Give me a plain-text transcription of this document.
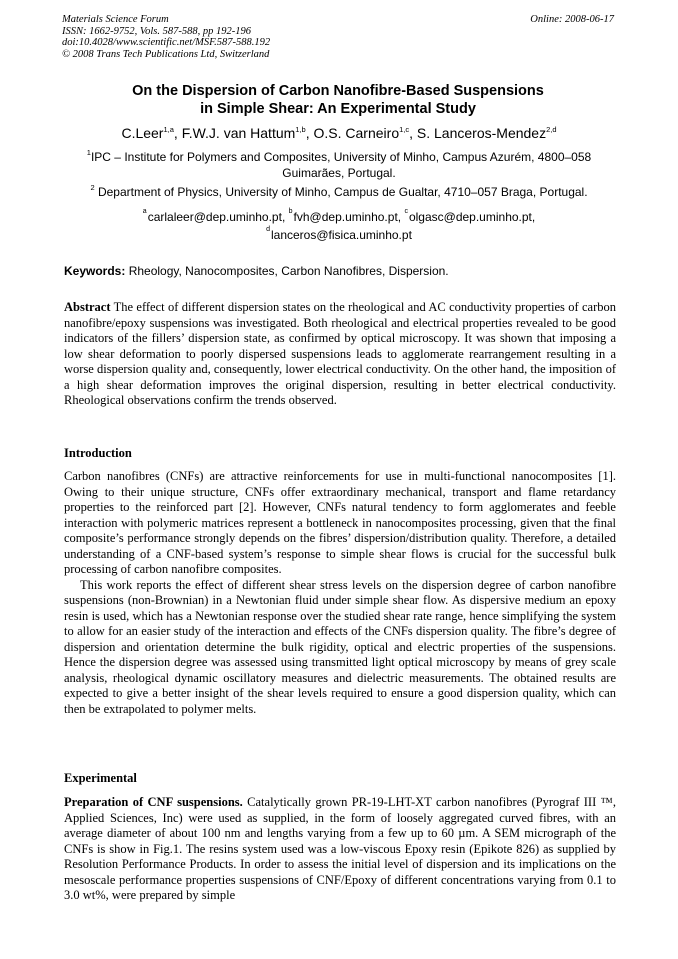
Materials Science Forum
ISSN: 1662-9752, Vols. 587-588, pp 192-196
doi:10.4028/www.scientific.net/MSF.587-588.192
© 2008 Trans Tech Publications Ltd, Switzerland
Online: 2008-06-17
On the Dispersion of Carbon Nanofibre-Based Suspensions
in Simple Shear: An Experimental Study
C.Leer$^{1,a}$, F.W.J. van Hattum$^{1,b}$, O.S. Carneiro$^{1,c}$, S. Lanceros-Mendez$^{2,d}$
$^1$IPC – Institute for Polymers and Composites, University of Minho, Campus Azurém, 4800–058 Guimarães, Portugal.
$^2$ Department of Physics, University of Minho, Campus de Gualtar, 4710–057 Braga, Portugal.
$^a$carlaleer@dep.uminho.pt, $^b$fvh@dep.uminho.pt, $^c$olgasc@dep.uminho.pt,
$^d$lanceros@fisica.uminho.pt
Keywords: Rheology, Nanocomposites, Carbon Nanofibres, Dispersion.

Abstract The effect of different dispersion states on the rheological and AC conductivity properties of carbon nanofibre/epoxy suspensions was investigated. Both rheological and electrical properties revealed to be good indicators of the fillers’ dispersion state, as confirmed by optical microscopy. It was shown that imposing a low shear deformation to poorly dispersed suspensions leads to agglomerate rearrangement resulting in a worse dispersion quality and, consequently, lower electrical conductivity. On the other hand, the imposition of a high shear deformation improves the original dispersion, resulting in better electrical conductivity. Rheological observations confirm the trends observed.

Introduction

Carbon nanofibres (CNFs) are attractive reinforcements for use in multi-functional nanocomposites [1]. Owing to their unique structure, CNFs offer extraordinary mechanical, transport and flame retardancy properties to the reinforced part [2]. However, CNFs natural tendency to form agglomerates and feeble interaction with polymeric matrices represent a bottleneck in nanocomposites processing, given that the final composite’s performance strongly depends on the fibres’ dispersion/distribution quality. Therefore, a detailed understanding of a CNF-based system’s response to simple shear flows is crucial for the successful bulk processing of carbon nanofibre composites.

This work reports the effect of different shear stress levels on the dispersion degree of carbon nanofibre suspensions (non-Brownian) in a Newtonian fluid under simple shear flow. As dispersive medium an epoxy resin is used, which has a Newtonian response over the studied shear rate range, hence simplifying the system to allow for an easier study of the interaction and effects of the CNFs dispersion quality. The fibre’s degree of dispersion and orientation determine the bulk rigidity, optical and electric properties of the suspensions. Hence the dispersion degree was assessed using transmitted light optical microscopy by means of grey scale analysis, rheological dynamic oscillatory measures and dielectric measurements. The obtained results are expected to give a better insight of the shear levels required to ensure a good dispersion quality, which can then be extrapolated to polymer melts.

Experimental

Preparation of CNF suspensions. Catalytically grown PR-19-LHT-XT carbon nanofibres (Pyrograf III ™, Applied Sciences, Inc) were used as supplied, in the form of loosely aggregated curved fibres, with an average diameter of about 100 nm and lengths varying from a few up to 60 µm. A SEM micrograph of the CNFs is show in Fig.1. The resins system used was a low-viscous Epoxy resin (Epikote 826) as supplied by Resolution Performance Products. In order to assess the initial level of dispersion and its implications on the mesoscale performance properties suspensions of CNF/Epoxy of different concentrations varying from 0.1 to 3.0 wt%, were prepared by simple
